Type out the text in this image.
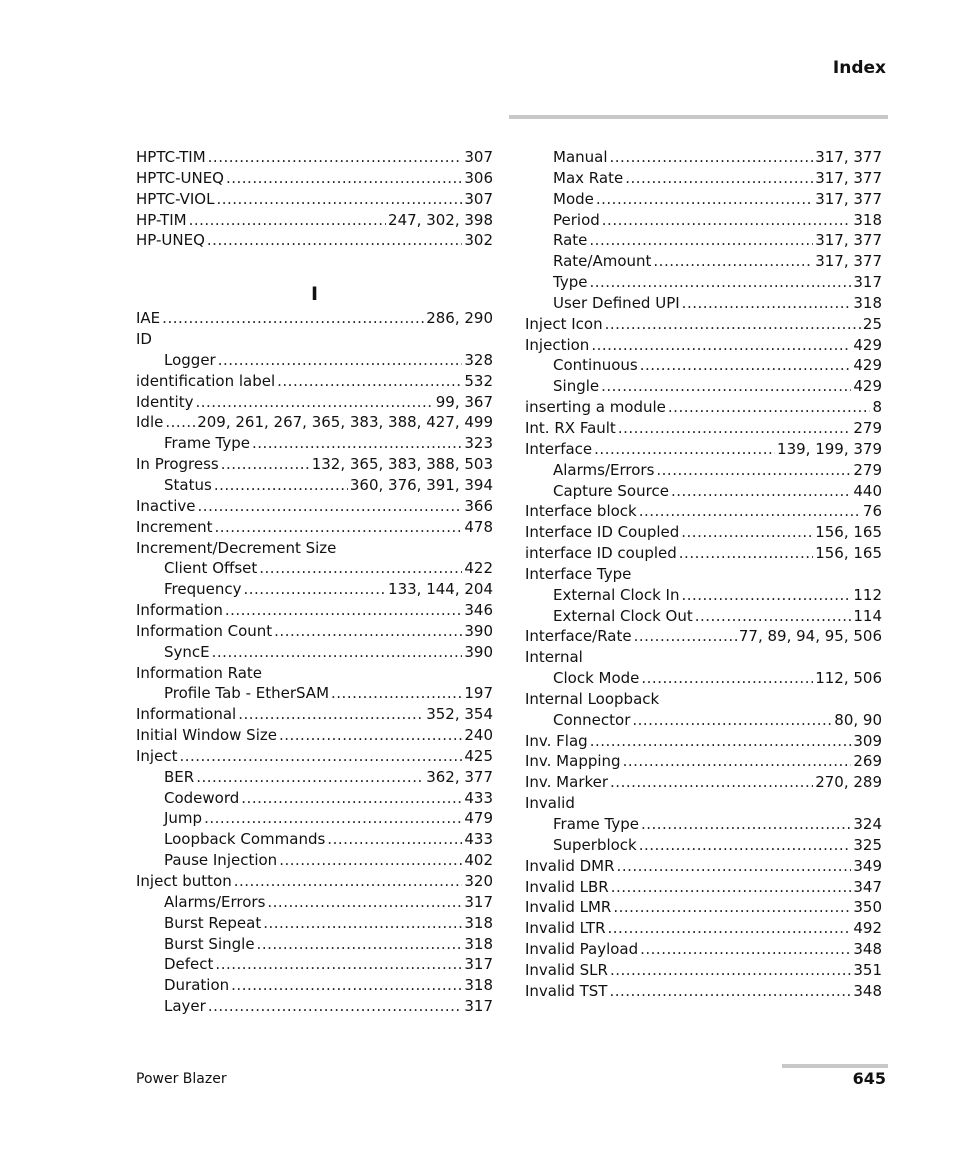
Index
HPTC-TIM .....	307
HPTC-UNEQ .....	306
HPTC-VIOL .....	307
HP-TIM .....	247, 302, 398
HP-UNEQ .....	302
I
IAE .....	286, 290
ID
Logger .....	328
identification label .....	532
Identity .....	99, 367
Idle ..... 209, 261, 267, 365, 383, 388, 427, 499
Frame Type .....	323
In Progress .....	132, 365, 383, 388, 503
Status .....	360, 376, 391, 394
Inactive .....	366
Increment .....	478
Increment/Decrement Size
Client Offset .....	422
Frequency .....	133, 144, 204
Information .....	346
Information Count .....	390
SyncE .....	390
Information Rate
Profile Tab - EtherSAM .....	197
Informational .....	352, 354
Initial Window Size .....	240
Inject .....	425
BER .....	362, 377
Codeword .....	433
Jump .....	479
Loopback Commands .....	433
Pause Injection .....	402
Inject button .....	320
Alarms/Errors .....	317
Burst Repeat .....	318
Burst Single .....	318
Defect .....	317
Duration .....	318
Layer .....	317
Manual .....	317, 377
Max Rate .....	317, 377
Mode .....	317, 377
Period .....	318
Rate .....	317, 377
Rate/Amount .....	317, 377
Type .....	317
User Defined UPI .....	318
Inject Icon .....	25
Injection .....	429
Continuous .....	429
Single .....	429
inserting a module .....	8
Int. RX Fault .....	279
Interface .....	139, 199, 379
Alarms/Errors .....	279
Capture Source .....	440
Interface block .....	76
Interface ID Coupled .....	156, 165
interface ID coupled .....	156, 165
Interface Type
External Clock In .....	112
External Clock Out .....	114
Interface/Rate .....	77, 89, 94, 95, 506
Internal
Clock Mode .....	112, 506
Internal Loopback
Connector .....	80, 90
Inv. Flag .....	309
Inv. Mapping .....	269
Inv. Marker .....	270, 289
Invalid
Frame Type .....	324
Superblock .....	325
Invalid DMR .....	349
Invalid LBR .....	347
Invalid LMR .....	350
Invalid LTR .....	492
Invalid Payload .....	348
Invalid SLR .....	351
Invalid TST .....	348
Power Blazer	645
